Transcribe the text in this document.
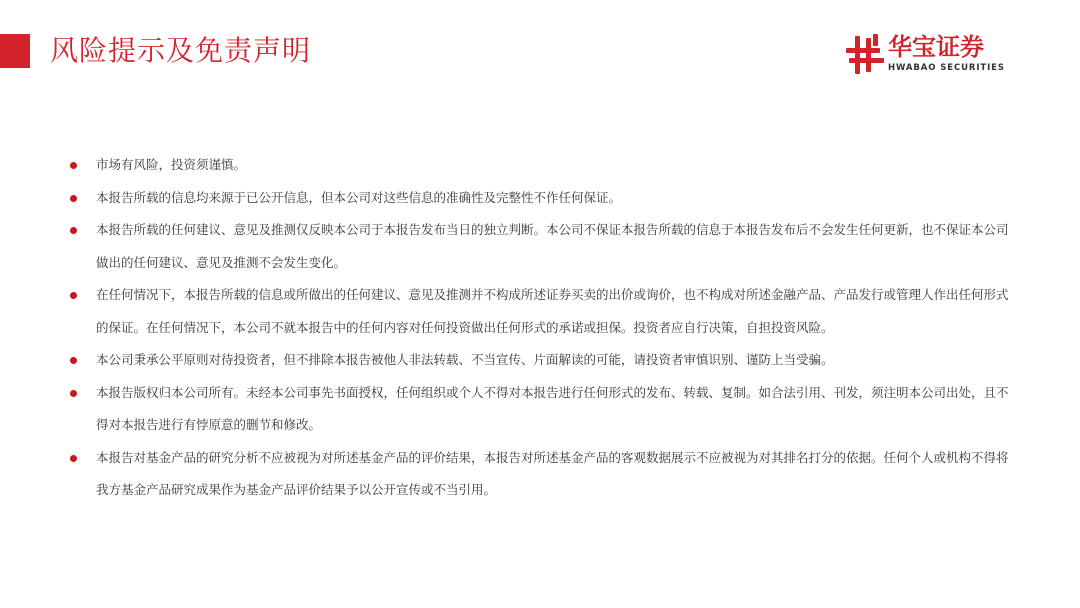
风险提示及免责声明	华宝证券
HWABAO SECURITIES
市场有风险，投资须谨慎。
本报告所载的信息均来源于已公开信息，但本公司对这些信息的准确性及完整性不作任何保证。
本报告所载的任何建议、意见及推测仅反映本公司于本报告发布当日的独立判断。本公司不保证本报告所载的信息于本报告发布后不会发生任何更新，也不保证本公司做出的任何建议、意见及推测不会发生变化。
在任何情况下，本报告所载的信息或所做出的任何建议、意见及推测并不构成所述证券买卖的出价或询价，也不构成对所述金融产品、产品发行或管理人作出任何形式的保证。在任何情况下，本公司不就本报告中的任何内容对任何投资做出任何形式的承诺或担保。投资者应自行决策，自担投资风险。
本公司秉承公平原则对待投资者，但不排除本报告被他人非法转载、不当宣传、片面解读的可能，请投资者审慎识别、谨防上当受骗。
本报告版权归本公司所有。未经本公司事先书面授权，任何组织或个人不得对本报告进行任何形式的发布、转载、复制。如合法引用、刊发，须注明本公司出处，且不得对本报告进行有悖原意的删节和修改。
本报告对基金产品的研究分析不应被视为对所述基金产品的评价结果，本报告对所述基金产品的客观数据展示不应被视为对其排名打分的依据。任何个人或机构不得将我方基金产品研究成果作为基金产品评价结果予以公开宣传或不当引用。
